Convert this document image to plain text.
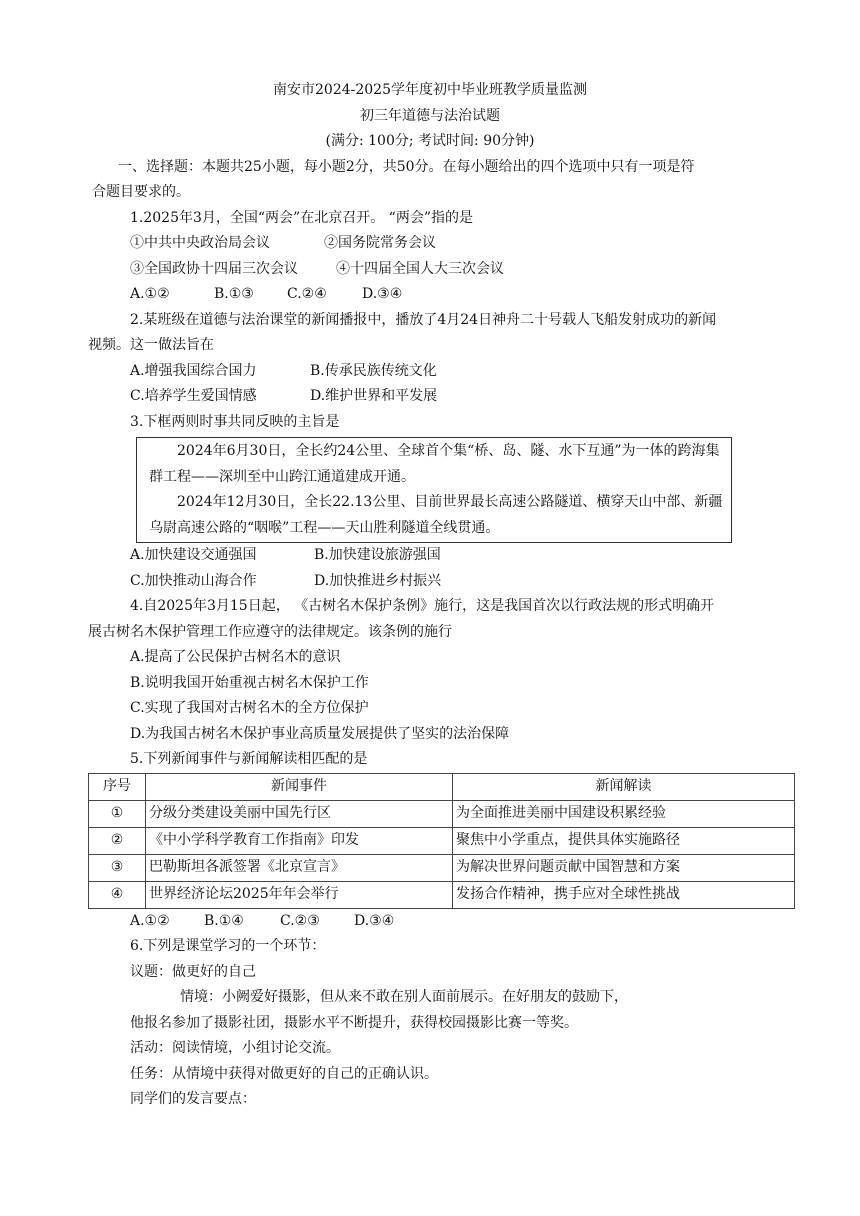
南安市2024-2025学年度初中毕业班教学质量监测

初三年道德与法治试题

(满分: 100分; 考试时间: 90分钟)

一、选择题：本题共25小题，每小题2分，共50分。在每小题给出的四个选项中只有一项是符

合题目要求的。

1.2025年3月，全国“两会”在北京召开。 “两会”指的是

①中共中央政治局会议	②国务院常务会议

③全国政协十四届三次会议	④十四届全国人大三次会议

A.①②	B.①③ C.②④	D.③④

2.某班级在道德与法治课堂的新闻播报中，播放了4月24日神舟二十号载人飞船发射成功的新闻

视频。这一做法旨在

A.增强我国综合国力	B.传承民族传统文化

C.培养学生爱国情感	D.维护世界和平发展

3.下框两则时事共同反映的主旨是

2024年6月30日，全长约24公里、全球首个集“桥、岛、隧、水下互通”为一体的跨海集群工程——深圳至中山跨江通道建成开通。

2024年12月30日，全长22.13公里、目前世界最长高速公路隧道、横穿天山中部、新疆乌尉高速公路的“咽喉”工程——天山胜利隧道全线贯通。

A.加快建设交通强国	B.加快建设旅游强国

C.加快推动山海合作	D.加快推进乡村振兴

4.自2025年3月15日起， 《古树名木保护条例》施行，这是我国首次以行政法规的形式明确开

展古树名木保护管理工作应遵守的法律规定。该条例的施行

A.提高了公民保护古树名木的意识

B.说明我国开始重视古树名木保护工作

C.实现了我国对古树名木的全方位保护

D.为我国古树名木保护事业高质量发展提供了坚实的法治保障

5.下列新闻事件与新闻解读相匹配的是

序号	新闻事件	新闻解读
①	分级分类建设美丽中国先行区	为全面推进美丽中国建设积累经验
②	《中小学科学教育工作指南》印发	聚焦中小学重点，提供具体实施路径
③	巴勒斯坦各派签署《北京宣言》	为解决世界问题贡献中国智慧和方案
④	世界经济论坛2025年年会举行	发扬合作精神，携手应对全球性挑战

A.①② B.①④	C.②③ D.③④

6.下列是课堂学习的一个环节：

议题：做更好的自己

情境：小阙爱好摄影，但从来不敢在别人面前展示。在好朋友的鼓励下，

他报名参加了摄影社团，摄影水平不断提升，获得校园摄影比赛一等奖。

活动：阅读情境，小组讨论交流。

任务：从情境中获得对做更好的自己的正确认识。

同学们的发言要点：
